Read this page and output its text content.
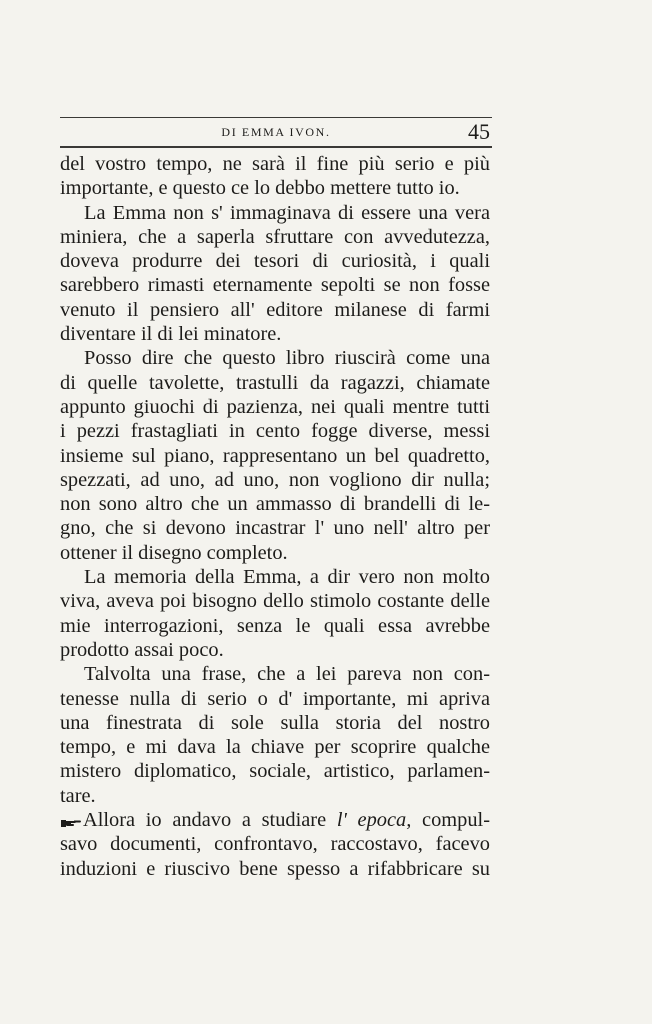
DI EMMA IVON.	45
del vostro tempo, ne sarà il fine più serio e più
importante, e questo ce lo debbo mettere tutto io.
La Emma non s' immaginava di essere una vera
miniera, che a saperla sfruttare con avvedutezza,
doveva produrre dei tesori di curiosità, i quali
sarebbero rimasti eternamente sepolti se non fosse
venuto il pensiero all' editore milanese di farmi
diventare il di lei minatore.
Posso dire che questo libro riuscirà come una
di quelle tavolette, trastulli da ragazzi, chiamate
appunto giuochi di pazienza, nei quali mentre tutti
i pezzi frastagliati in cento fogge diverse, messi
insieme sul piano, rappresentano un bel quadretto,
spezzati, ad uno, ad uno, non vogliono dir nulla;
non sono altro che un ammasso di brandelli di le-
gno, che si devono incastrar l' uno nell' altro per
ottener il disegno completo.
La memoria della Emma, a dir vero non molto
viva, aveva poi bisogno dello stimolo costante delle
mie interrogazioni, senza le quali essa avrebbe
prodotto assai poco.
Talvolta una frase, che a lei pareva non con-
tenesse nulla di serio o d' importante, mi apriva
una finestrata di sole sulla storia del nostro
tempo, e mi dava la chiave per scoprire qualche
mistero diplomatico, sociale, artistico, parlamen-
tare.
Allora io andavo a studiare l' epoca, compul-
savo documenti, confrontavo, raccostavo, facevo
induzioni e riuscivo bene spesso a rifabbricare su
